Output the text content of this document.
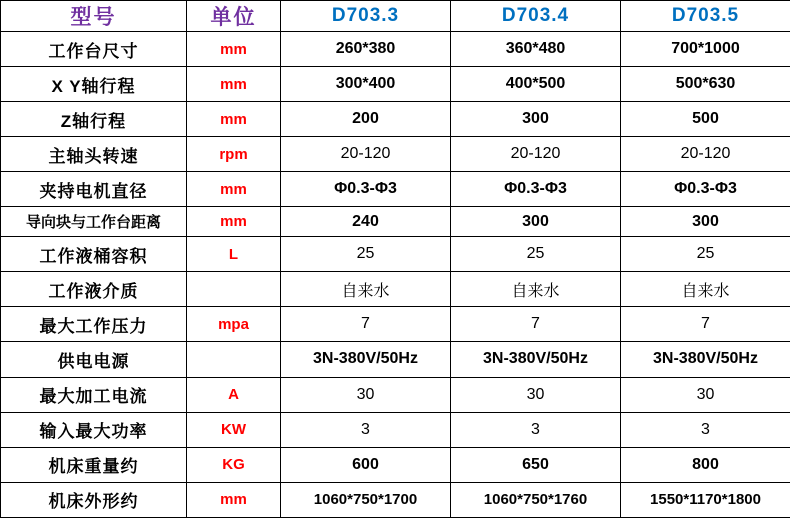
型号	单位	D703.3	D703.4	D703.5
工作台尺寸	mm	260*380	360*480	700*1000
X Y轴行程	mm	300*400	400*500	500*630
Z轴行程	mm	200	300	500
主轴头转速	rpm	20-120	20-120	20-120
夹持电机直径	mm	Φ0.3-Φ3	Φ0.3-Φ3	Φ0.3-Φ3
导向块与工作台距离	mm	240	300	300
工作液桶容积	L	25	25	25
工作液介质		自来水	自来水	自来水
最大工作压力	mpa	7	7	7
供电电源		3N-380V/50Hz	3N-380V/50Hz	3N-380V/50Hz
最大加工电流	A	30	30	30
输入最大功率	KW	3	3	3
机床重量约	KG	600	650	800
机床外形约	mm	1060*750*1700	1060*750*1760	1550*1170*1800
